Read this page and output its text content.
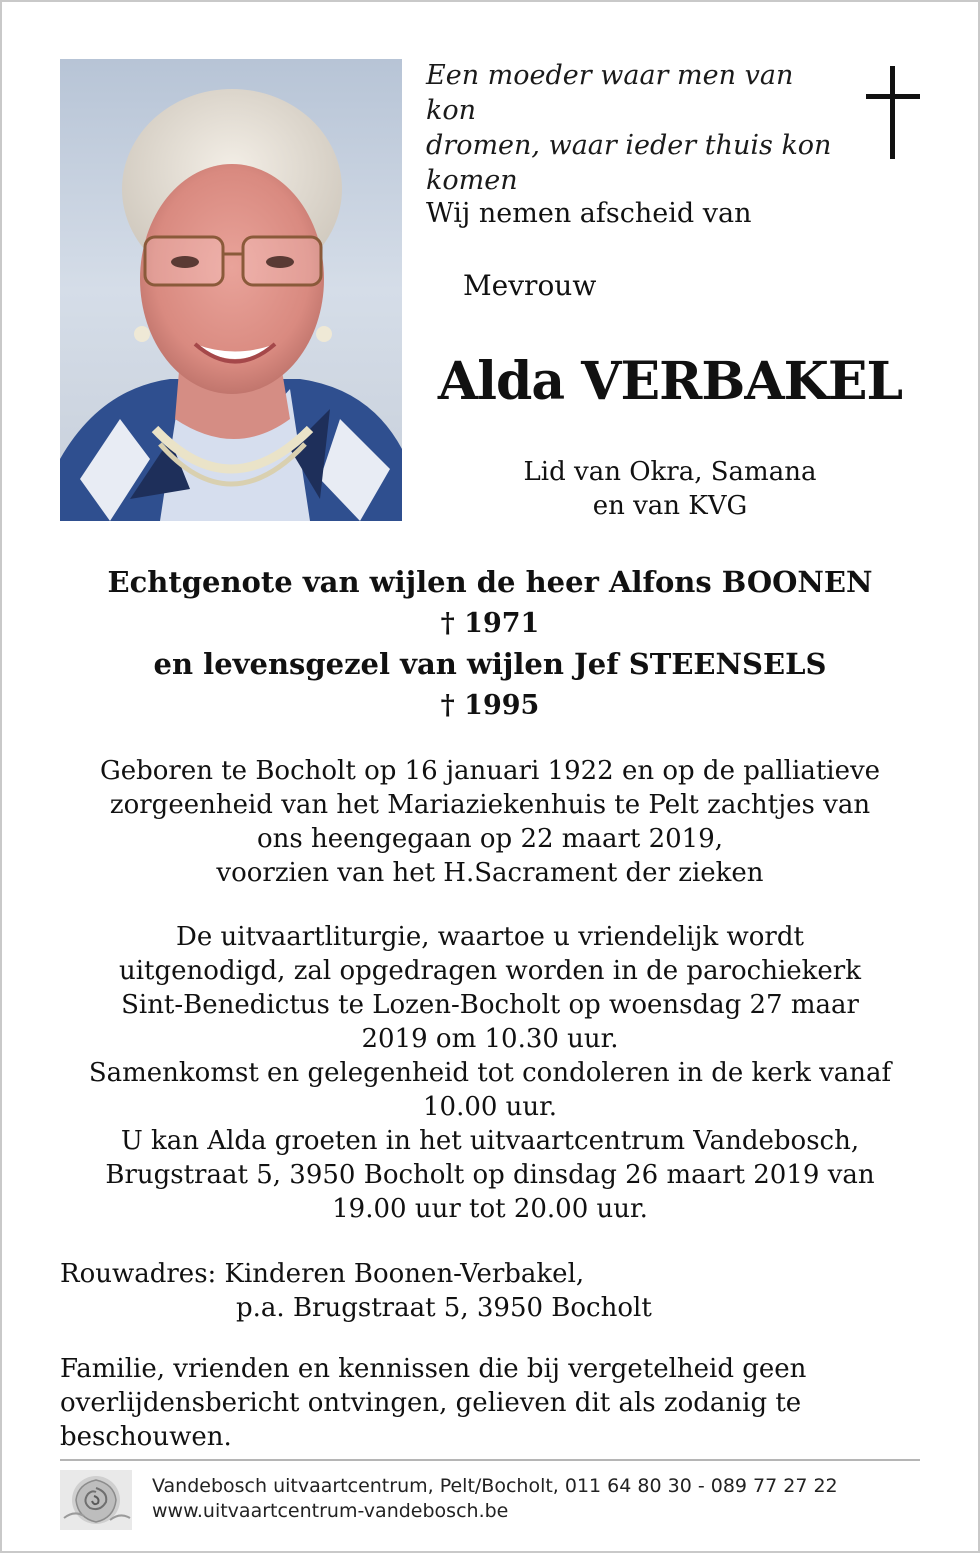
Een moeder waar men van kon
dromen, waar ieder thuis kon
komen
Wij nemen afscheid van
Mevrouw
Alda VERBAKEL
Lid van Okra, Samana
en van KVG
Echtgenote van wijlen de heer Alfons BOONEN
† 1971
en levensgezel van wijlen Jef STEENSELS
† 1995
Geboren te Bocholt op 16 januari 1922 en op de palliatieve
zorgeenheid van het Mariaziekenhuis te Pelt zachtjes van
ons heengegaan op 22 maart 2019,
voorzien van het H.Sacrament der zieken
De uitvaartliturgie, waartoe u vriendelijk wordt
uitgenodigd, zal opgedragen worden in de parochiekerk
Sint-Benedictus te Lozen-Bocholt op woensdag 27 maar
2019 om 10.30 uur.
Samenkomst en gelegenheid tot condoleren in de kerk vanaf
10.00 uur.
U kan Alda groeten in het uitvaartcentrum Vandebosch,
Brugstraat 5, 3950 Bocholt op dinsdag 26 maart 2019 van
19.00 uur tot 20.00 uur.
Rouwadres: Kinderen Boonen-Verbakel,
p.a. Brugstraat 5, 3950 Bocholt
Familie, vrienden en kennissen die bij vergetelheid geen
overlijdensbericht ontvingen, gelieven dit als zodanig te
beschouwen.
Vandebosch uitvaartcentrum, Pelt/Bocholt, 011 64 80 30 - 089 77 27 22
www.uitvaartcentrum-vandebosch.be
